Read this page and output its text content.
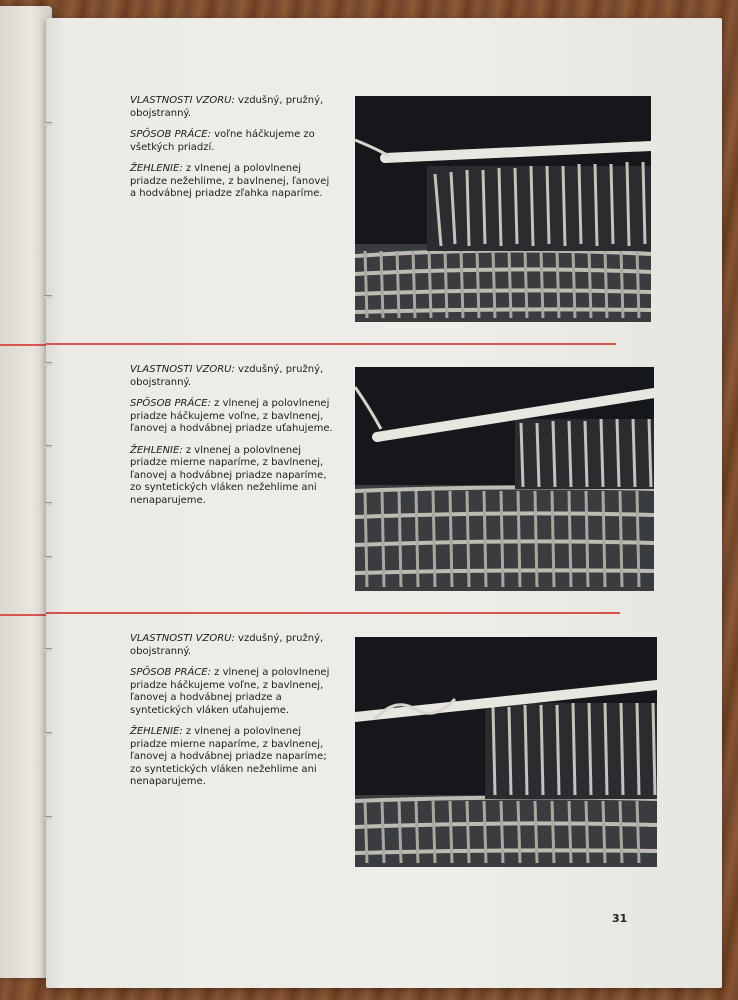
VLASTNOSTI VZORU: vzdušný, pružný, obojstranný.

SPÔSOB PRÁCE: voľne háčkujeme zo všetkých priadzí.

ŽEHLENIE: z vlnenej a polovlnenej priadze nežehlime, z bavlnenej, ľanovej a hodvábnej priadze zľahka naparíme.

VLASTNOSTI VZORU: vzdušný, pružný, obojstranný.

SPÔSOB PRÁCE: z vlnenej a polovlnenej priadze háčkujeme voľne, z bavlnenej, ľanovej a hodvábnej priadze uťahujeme.

ŽEHLENIE: z vlnenej a polovlnenej priadze mierne naparíme, z bavlnenej, ľanovej a hodvábnej priadze naparíme, zo syntetických vláken nežehlime ani nenaparujeme.

VLASTNOSTI VZORU: vzdušný, pružný, obojstranný.

SPÔSOB PRÁCE: z vlnenej a polovlnenej priadze háčkujeme voľne, z bavlnenej, ľanovej a hodvábnej priadze a syntetických vláken uťahujeme.

ŽEHLENIE: z vlnenej a polovlnenej priadze mierne naparíme, z bavlnenej, ľanovej a hodvábnej priadze naparíme; zo syntetických vláken nežehlime ani nenaparujeme.

31
